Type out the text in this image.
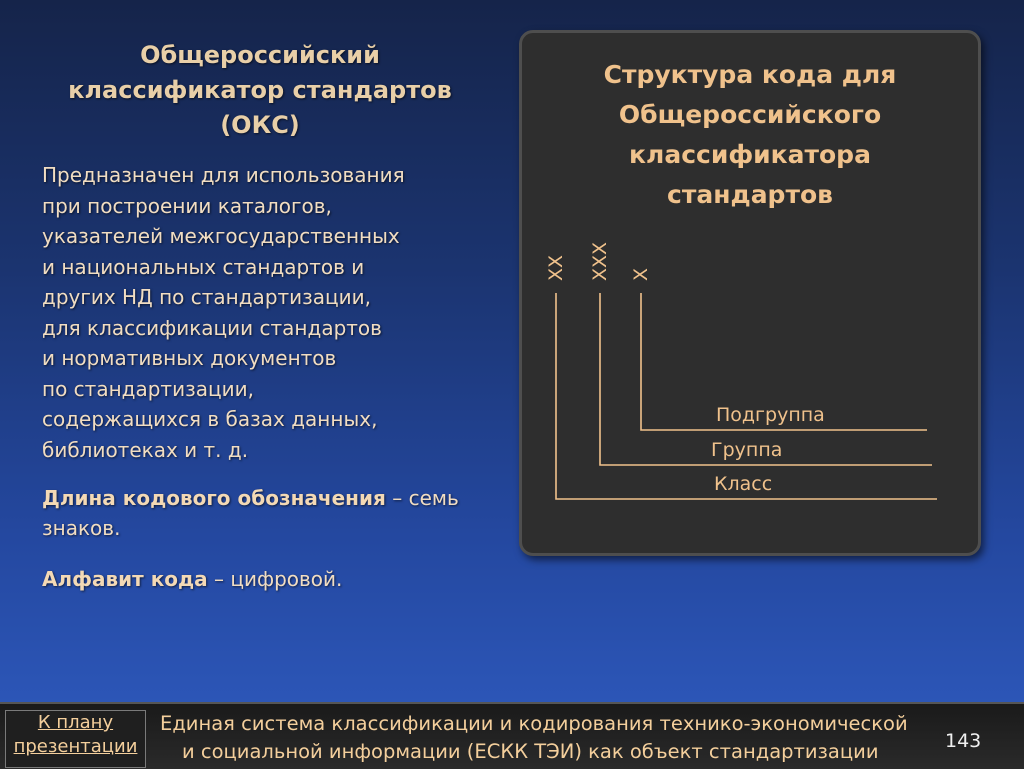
Общероссийский
классификатор стандартов
(ОКС)
Предназначен для использования
при построении каталогов,
указателей межгосударственных
и национальных стандартов и
других НД по стандартизации,
для классификации стандартов
и нормативных документов
по стандартизации,
содержащихся в базах данных,
библиотеках и т. д.
Длина кодового обозначения – семь знаков.
Алфавит кода – цифровой.
Структура кода для
Общероссийского
классификатора
стандартов
XX XXX X
Подгруппа
Группа
Класс
К плану
презентации
Единая система классификации и кодирования технико-экономической
и социальной информации (ЕСКК ТЭИ) как объект стандартизации	143
